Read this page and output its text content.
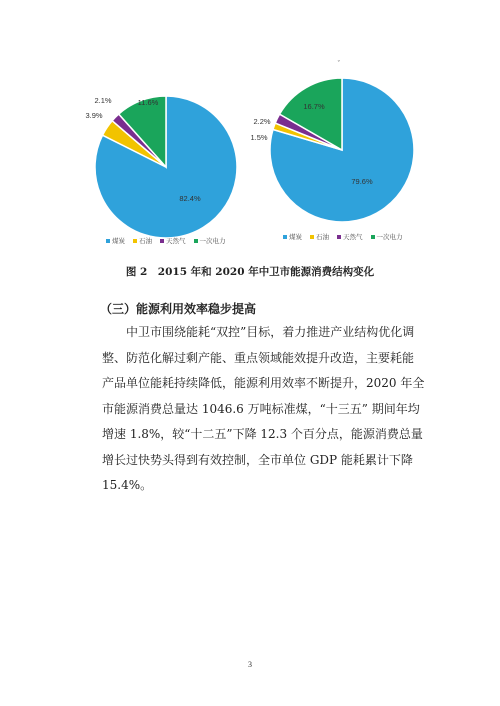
ˇ
82.4%
3.9%
2.1%	11.6%
79.6%
1.5%
2.2%
16.7%
煤炭 石油 天然气 一次电力	煤炭 石油 天然气 一次电力
图 2　2015 年和 2020 年中卫市能源消费结构变化
（三）能源利用效率稳步提高
中卫市围绕能耗“双控”目标，着力推进产业结构优化调
整、防范化解过剩产能、重点领域能效提升改造，主要耗能
产品单位能耗持续降低，能源利用效率不断提升，2020 年全
市能源消费总量达 1046.6 万吨标准煤，“十三五” 期间年均
增速 1.8%，较“十二五”下降 12.3 个百分点，能源消费总量
增长过快势头得到有效控制，全市单位 GDP 能耗累计下降
15.4%。
3
